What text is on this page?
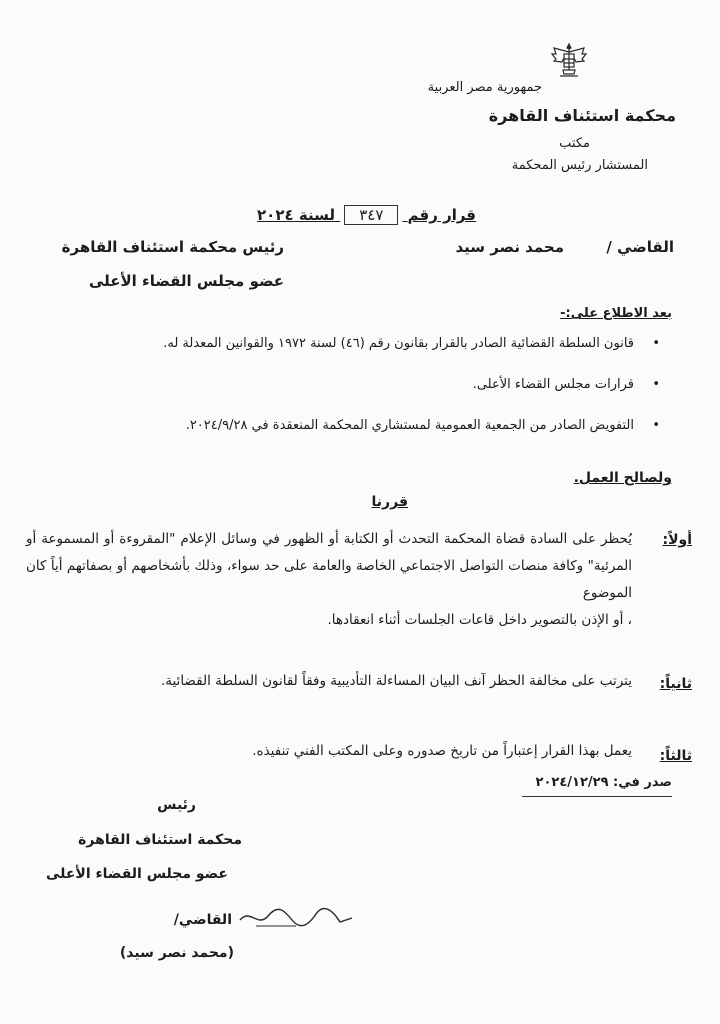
جمهورية مصر العربية
محكمة استئناف القاهرة
مكتب
المستشار رئيس المحكمة
قرار رقم ٣٤٧ لسنة ٢٠٢٤
القاضي /
محمد نصر سيد
رئيس محكمة استئناف القاهرة
عضو مجلس القضاء الأعلى
بعد الاطلاع على:-
•
قانون السلطة القضائية الصادر بالقرار بقانون رقم (٤٦) لسنة ١٩٧٢ والقوانين المعدلة له.
•
قرارات مجلس القضاء الأعلى.
•
التفويض الصادر من الجمعية العمومية لمستشاري المحكمة المنعقدة في ٢٠٢٤/٩/٢٨.
ولصالح العمل.
قررنا
أولاً:
يُحظر على السادة قضاة المحكمة التحدث أو الكتابة أو الظهور في وسائل الإعلام "المقروءة أو المسموعة أو المرئية" وكافة منصات التواصل الاجتماعي الخاصة والعامة على حد سواء، وذلك بأشخاصهم أو بصفاتهم أياً كان الموضوع
، أو الإذن بالتصوير داخل قاعات الجلسات أثناء انعقادها.
ثانياً:
يترتب على مخالفة الحظر آنف البيان المساءلة التأديبية وفقاً لقانون السلطة القضائية.
ثالثاً:
يعمل بهذا القرار إعتباراً من تاريخ صدوره وعلى المكتب الفني تنفيذه.
صدر في: ٢٠٢٤/١٢/٢٩
رئيس
محكمة استئناف القاهرة
عضو مجلس القضاء الأعلى
القاضي/
(محمد نصر سيد)
